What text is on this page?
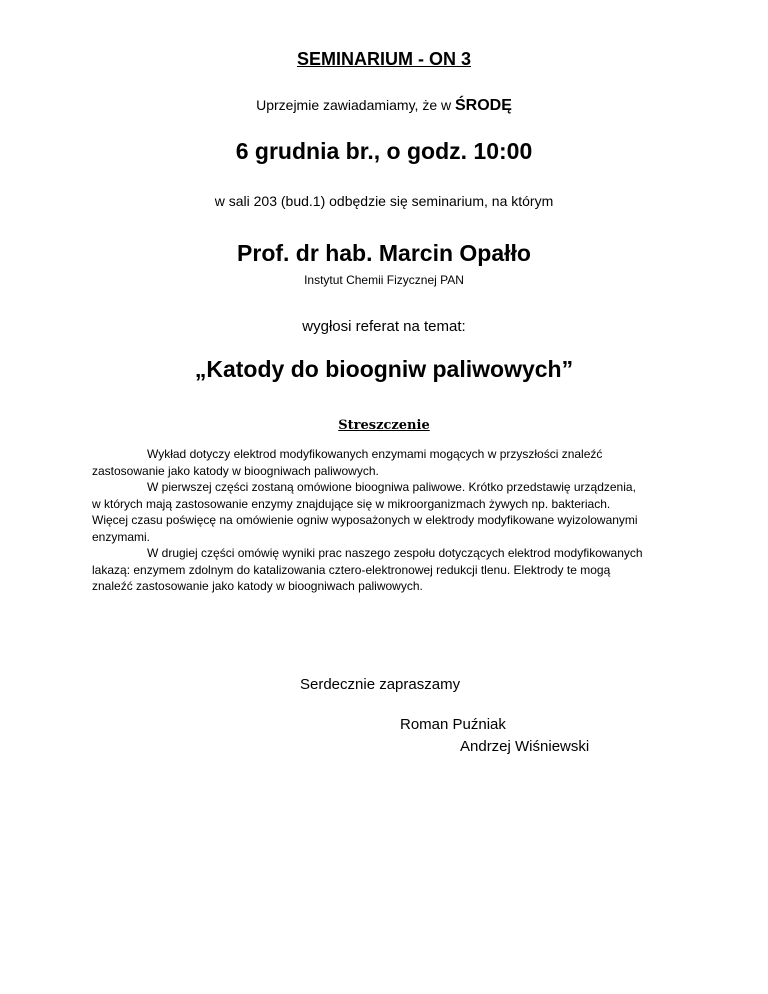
SEMINARIUM - ON 3
Uprzejmie zawiadamiamy, że w ŚRODĘ
6 grudnia br., o godz. 10:00
w sali 203 (bud.1) odbędzie się seminarium, na którym
Prof. dr hab. Marcin Opałło
Instytut Chemii Fizycznej PAN
wygłosi referat na temat:
„Katody do bioogniw paliwowych”
Streszczenie
Wykład dotyczy elektrod modyfikowanych enzymami mogących w przyszłości znaleźć
zastosowanie jako katody w bioogniwach paliwowych.
W pierwszej części zostaną omówione bioogniwa paliwowe. Krótko przedstawię urządzenia,
w których mają zastosowanie enzymy znajdujące się w mikroorganizmach żywych np. bakteriach.
Więcej czasu poświęcę na omówienie ogniw wyposażonych w elektrody modyfikowane wyizolowanymi
enzymami.
W drugiej części omówię wyniki prac naszego zespołu dotyczących elektrod modyfikowanych
lakazą: enzymem zdolnym do katalizowania cztero-elektronowej redukcji tlenu. Elektrody te mogą
znaleźć zastosowanie jako katody w bioogniwach paliwowych.
Serdecznie zapraszamy
Roman Puźniak
Andrzej Wiśniewski
